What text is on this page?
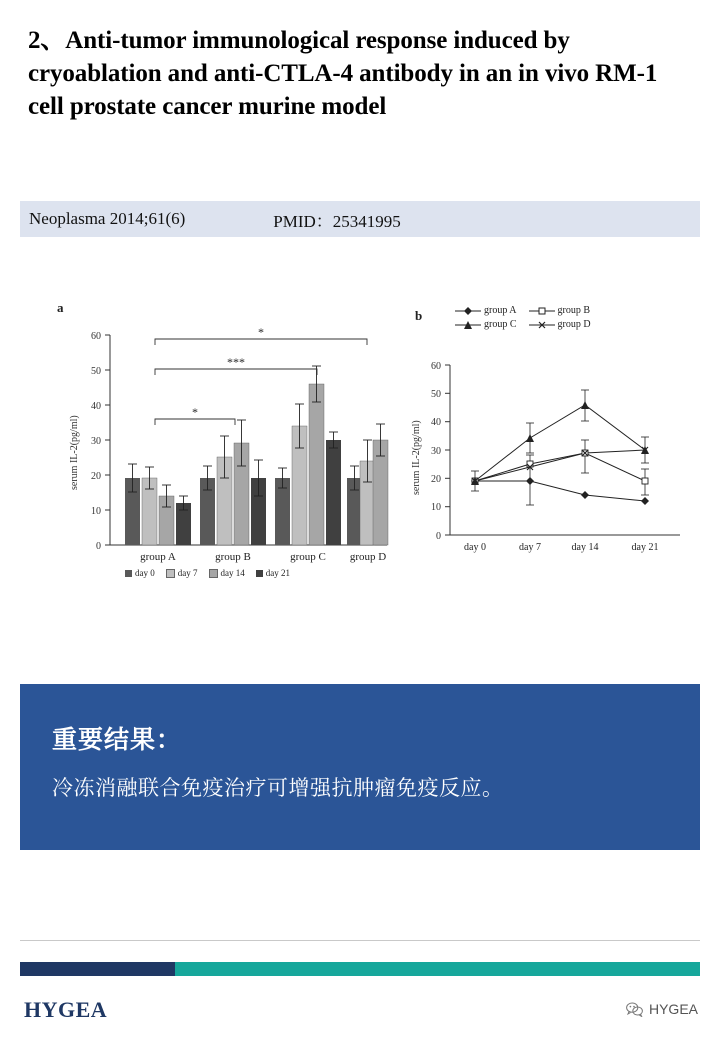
2、Anti-tumor immunological response induced by cryoablation and anti-CTLA-4 antibody in an in vivo RM-1 cell prostate cancer murine model
Neoplasma 2014;61(6)	PMID：25341995
a
0
10
20
30
40
50
60
serum IL-2(pg/ml)
*
***
*
group A	group B	group C group D
day 0	day 7	day 14 day 21
b	group A	group B
group C	group D
0
10
20
30
40
50
60
serum IL-2(pg/ml)
day 0	day 7	day 14	day 21
重要结果：
冷冻消融联合免疫治疗可增强抗肿瘤免疫反应。
HYGEA	HYGEA
